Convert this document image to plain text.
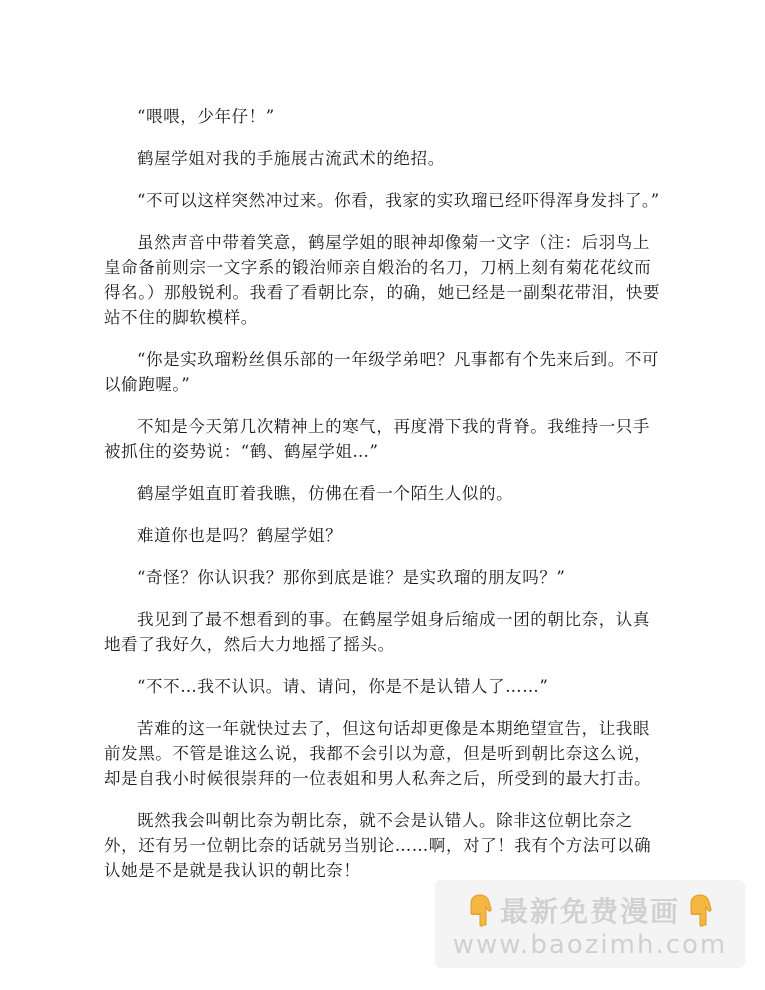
“喂喂，少年仔！”

鹤屋学姐对我的手施展古流武术的绝招。

“不可以这样突然冲过来。你看，我家的实玖瑠已经吓得浑身发抖了。”

虽然声音中带着笑意，鹤屋学姐的眼神却像菊一文字（注：后羽鸟上皇命备前则宗一文字系的锻治师亲自煅治的名刀，刀柄上刻有菊花花纹而得名。）那般锐利。我看了看朝比奈，的确，她已经是一副梨花带泪，快要站不住的脚软模样。

“你是实玖瑠粉丝俱乐部的一年级学弟吧？凡事都有个先来后到。不可以偷跑喔。”

不知是今天第几次精神上的寒气，再度滑下我的背脊。我维持一只手被抓住的姿势说：“鹤、鹤屋学姐…”

鹤屋学姐直盯着我瞧，仿佛在看一个陌生人似的。

难道你也是吗？鹤屋学姐？

“奇怪？你认识我？那你到底是谁？是实玖瑠的朋友吗？”

我见到了最不想看到的事。在鹤屋学姐身后缩成一团的朝比奈，认真地看了我好久，然后大力地摇了摇头。

“不不…我不认识。请、请问，你是不是认错人了……”

苦难的这一年就快过去了，但这句话却更像是本期绝望宣告，让我眼前发黑。不管是谁这么说，我都不会引以为意，但是听到朝比奈这么说，却是自我小时候很崇拜的一位表姐和男人私奔之后，所受到的最大打击。

既然我会叫朝比奈为朝比奈，就不会是认错人。除非这位朝比奈之外，还有另一位朝比奈的话就另当别论……啊，对了！我有个方法可以确认她是不是就是我认识的朝比奈！

最新免费漫画
www.baozimh.com
